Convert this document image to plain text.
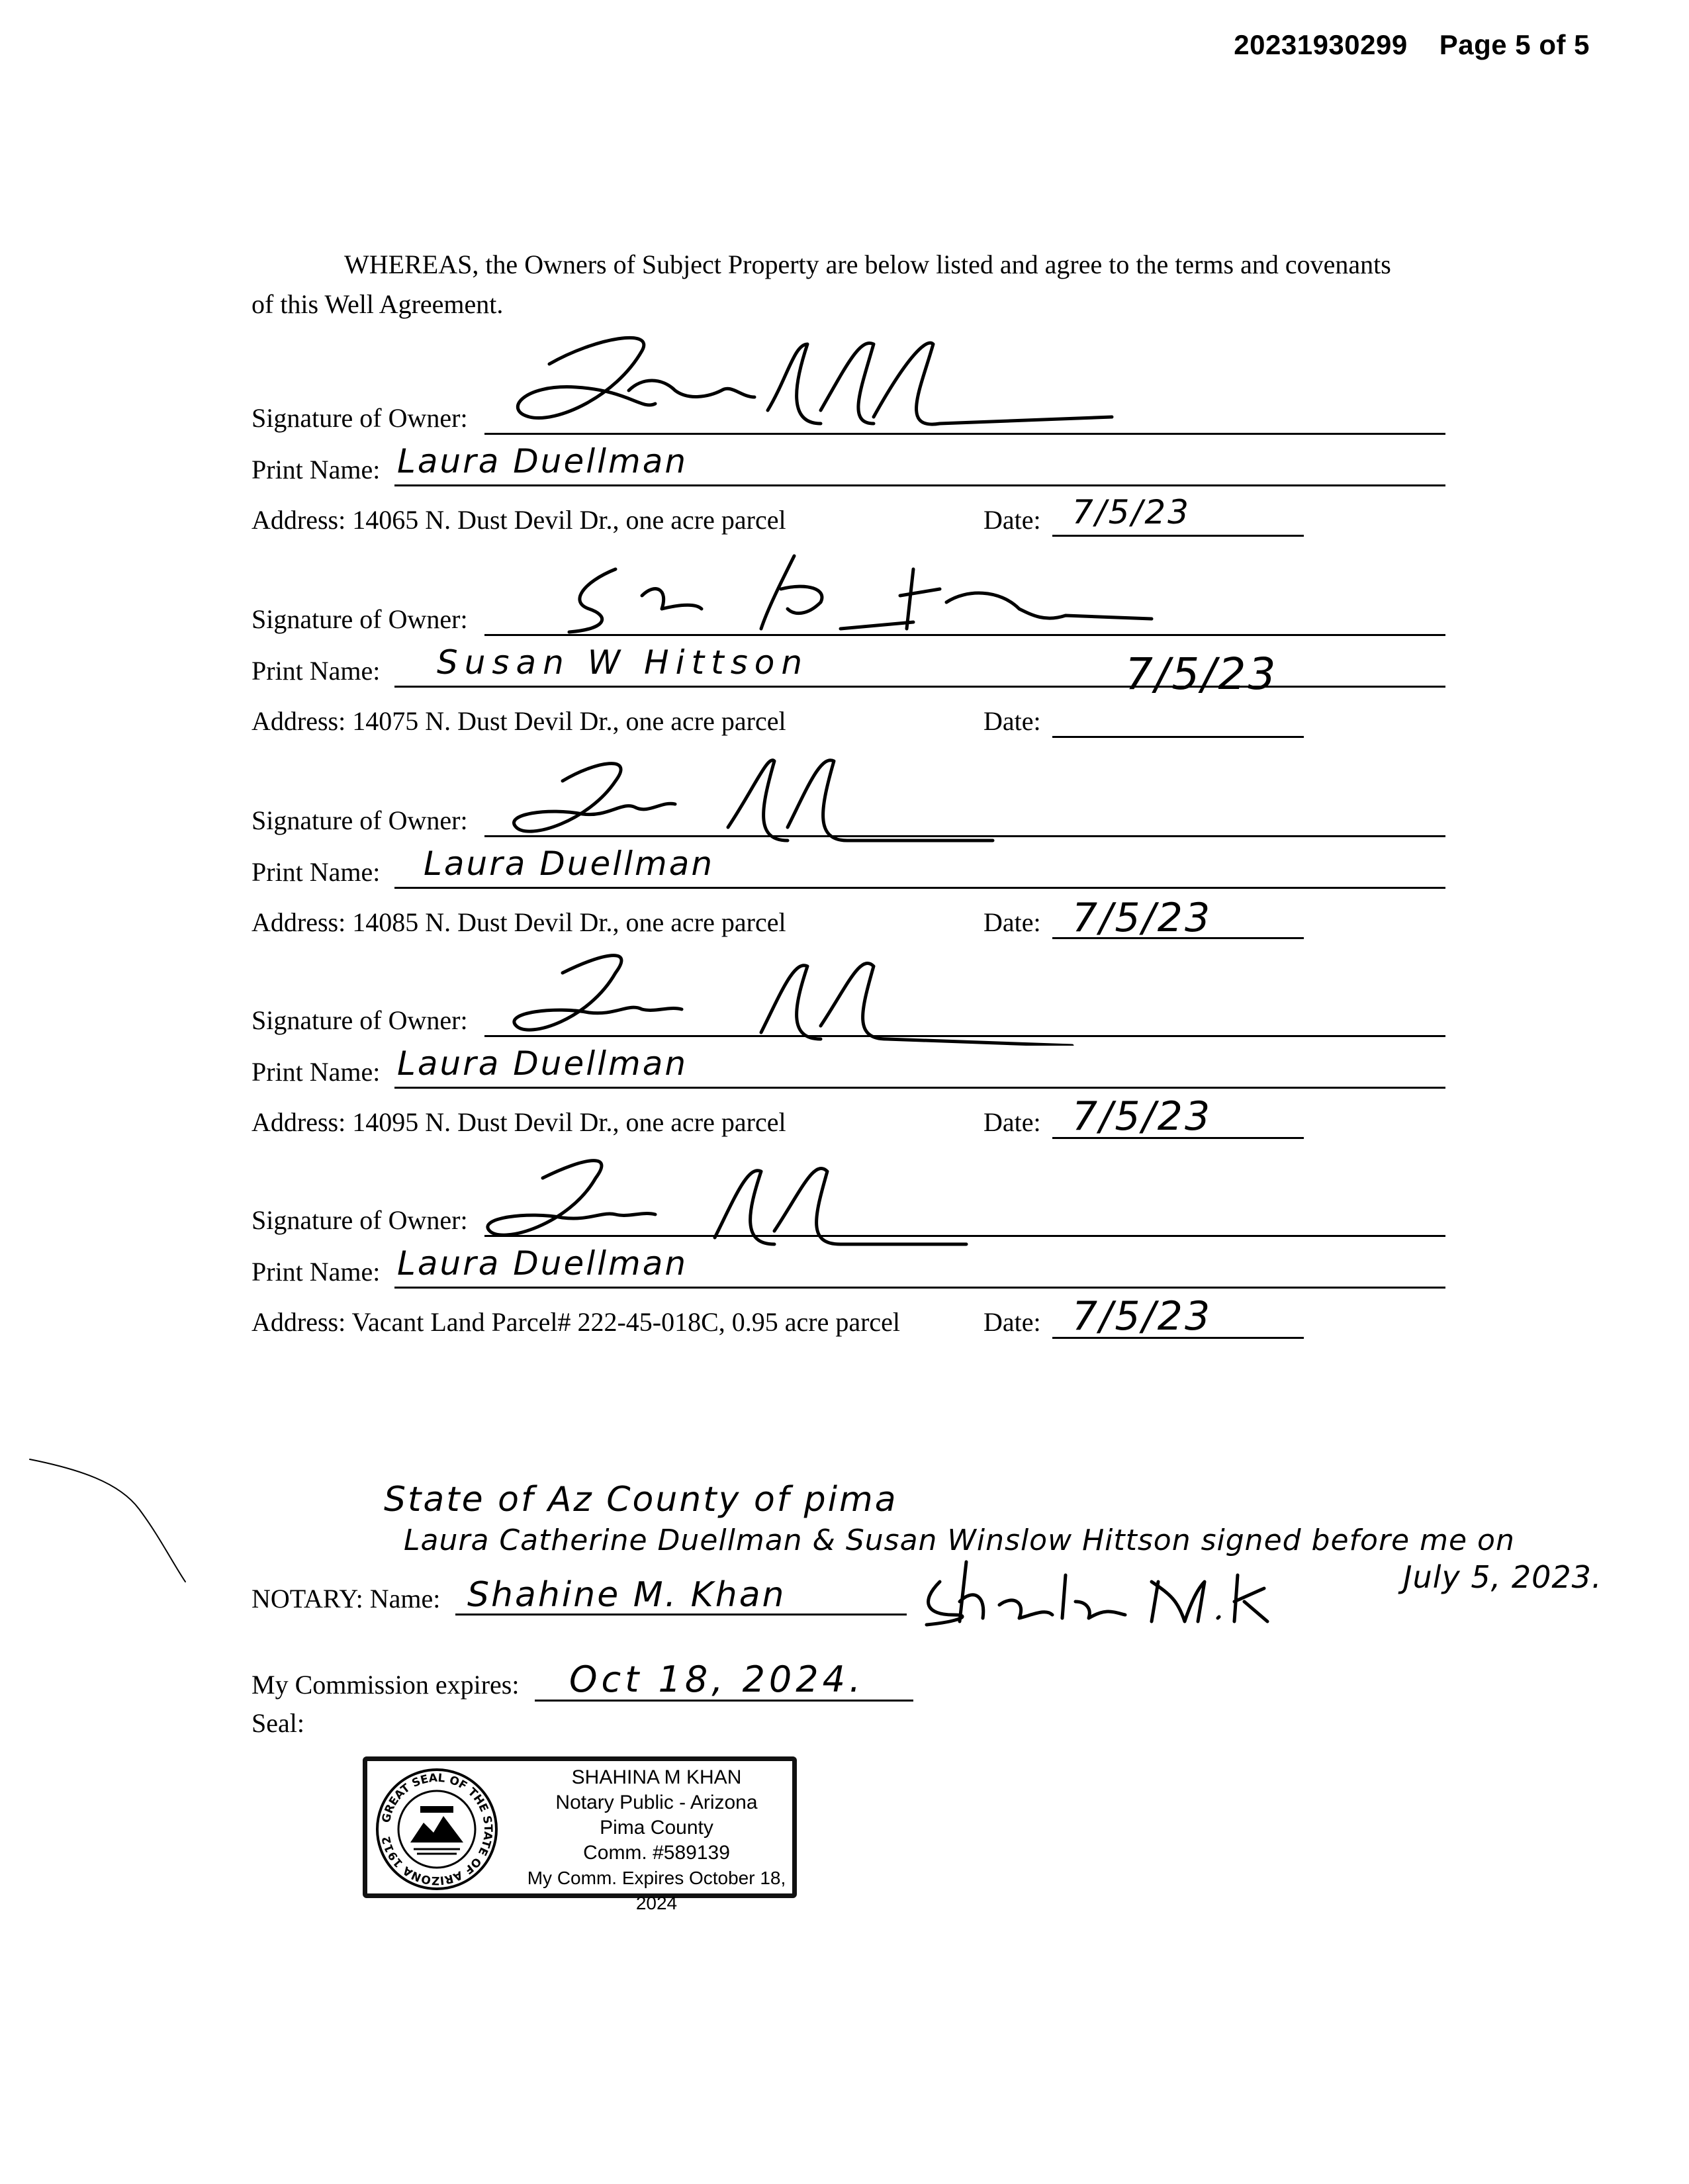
20231930299 Page 5 of 5
WHEREAS, the Owners of Subject Property are below listed and agree to the terms and covenants of this Well Agreement.
Signature of Owner:
Print Name: Laura Duellman
Address: 14065 N. Dust Devil Dr., one acre parcel	Date: 7/5/23
Signature of Owner:
Print Name: Susan W Hittson	7/5/23
Address: 14075 N. Dust Devil Dr., one acre parcel	Date:
Signature of Owner:
Print Name: Laura Duellman
Address: 14085 N. Dust Devil Dr., one acre parcel	Date: 7/5/23
Signature of Owner:
Print Name: Laura Duellman
Address: 14095 N. Dust Devil Dr., one acre parcel	Date: 7/5/23
Signature of Owner:
Print Name: Laura Duellman
Address: Vacant Land Parcel# 222-45-018C, 0.95 acre parcel	Date: 7/5/23
State of Az County of pima
Laura Catherine Duellman & Susan Winslow Hittson signed before me on
July 5, 2023.
NOTARY: Name: Shahine M. Khan
My Commission expires: Oct 18, 2024.
Seal:
GREAT SEAL OF THE STATE OF ARIZONA 1912
SHAHINA M KHAN
Notary Public - Arizona
Pima County
Comm. #589139
My Comm. Expires October 18, 2024
